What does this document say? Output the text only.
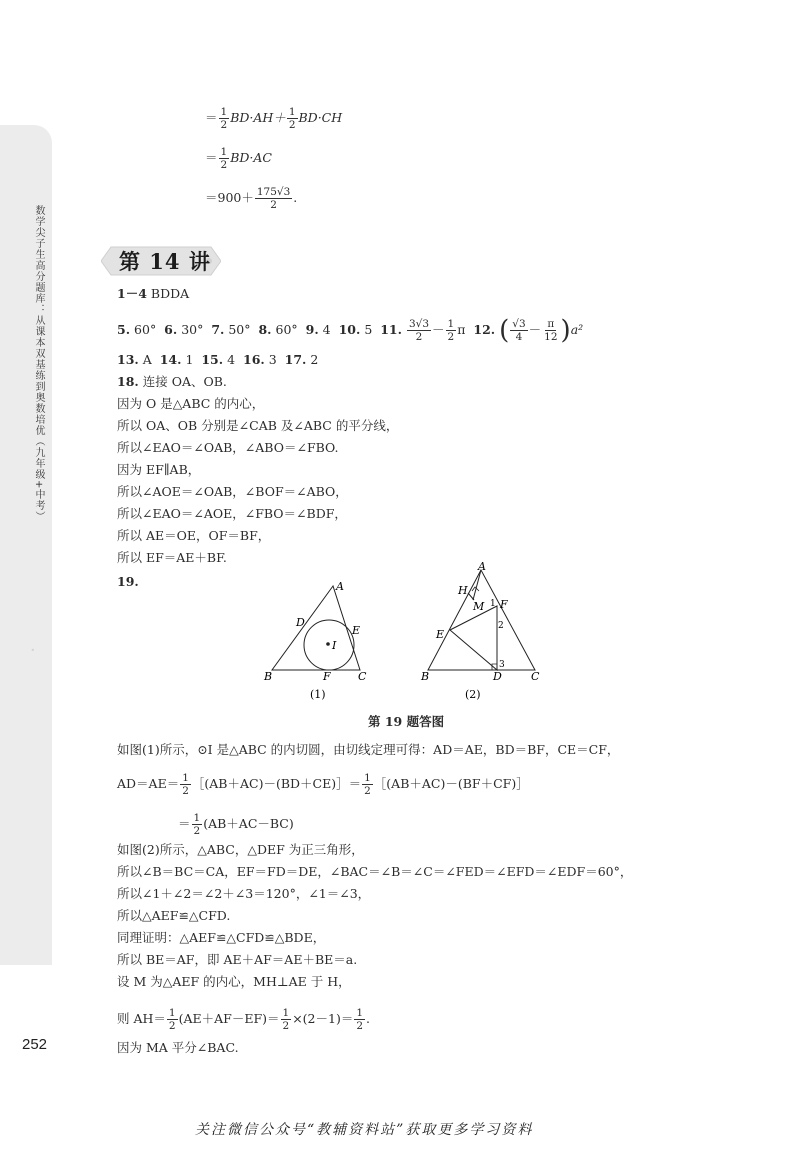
数学尖子生高分题库：从课本双基练到奥数培优（九年级+中考）
·
252
＝ $\frac{1}{2} BD\cdot AH+ \frac{1}{2} BD\cdot CH$
＝ $\frac{1}{2} BD\cdot AC$
$=900+ \frac{175√3}{2}$ .
第 14 讲
1－4 BDDA
5. 60° 6. 30° 7. 50° 8. 60° 9. 4 10. 5 11. $\frac{3√3}{2} - \frac{1}{2}$ π 12. ( $\frac{√3}{4} - \frac{\pi}{12} )a^2$
13. A 14. 1 15. 4 16. 3 17. 2
18. 连接 OA、OB.
因为 O 是△ABC 的内心，
所以 OA、OB 分别是∠CAB 及∠ABC 的平分线，
所以∠EAO＝∠OAB，∠ABO＝∠FBO.
因为 EF∥AB，
所以∠AOE＝∠OAB，∠BOF＝∠ABO，
所以∠EAO＝∠AOE，∠FBO＝∠BDF，
所以 AE＝OE，OF＝BF，
所以 EF＝AE＋BF.
19.	A
B	C
D
E
F
I
(1)
A
H
M 1 F
2
E
3
B	D	C
(2)
第 19 题答图
如图(1)所示，⊙I 是△ABC 的内切圆，由切线定理可得：AD＝AE，BD＝BF，CE＝CF，
$AD=AE= \frac{1}{2}$ ［(AB＋AC)－(BD＋CE)］＝ $\frac{1}{2}$ ［(AB＋AC)－(BF＋CF)］
＝ $\frac{1}{2} (AB+AC-BC)$
如图(2)所示，△ABC，△DEF 为正三角形，
所以∠B＝BC＝CA，EF＝FD＝DE，∠BAC＝∠B＝∠C＝∠FED＝∠EFD＝∠EDF＝60°，
所以∠1＋∠2＝∠2＋∠3＝120°，∠1＝∠3，
所以△AEF≌△CFD.
同理证明：△AEF≌△CFD≌△BDE，
所以 BE＝AF，即 AE＋AF＝AE＋BE＝a.
设 M 为△AEF 的内心，MH⊥AE 于 H，
则 $AH= \frac{1}{2} (AE+AF-EF)= \frac{1}{2} \times(2-1)= \frac{1}{2}$ .
因为 MA 平分∠BAC.
关注微信公众号“教辅资料站”获取更多学习资料
